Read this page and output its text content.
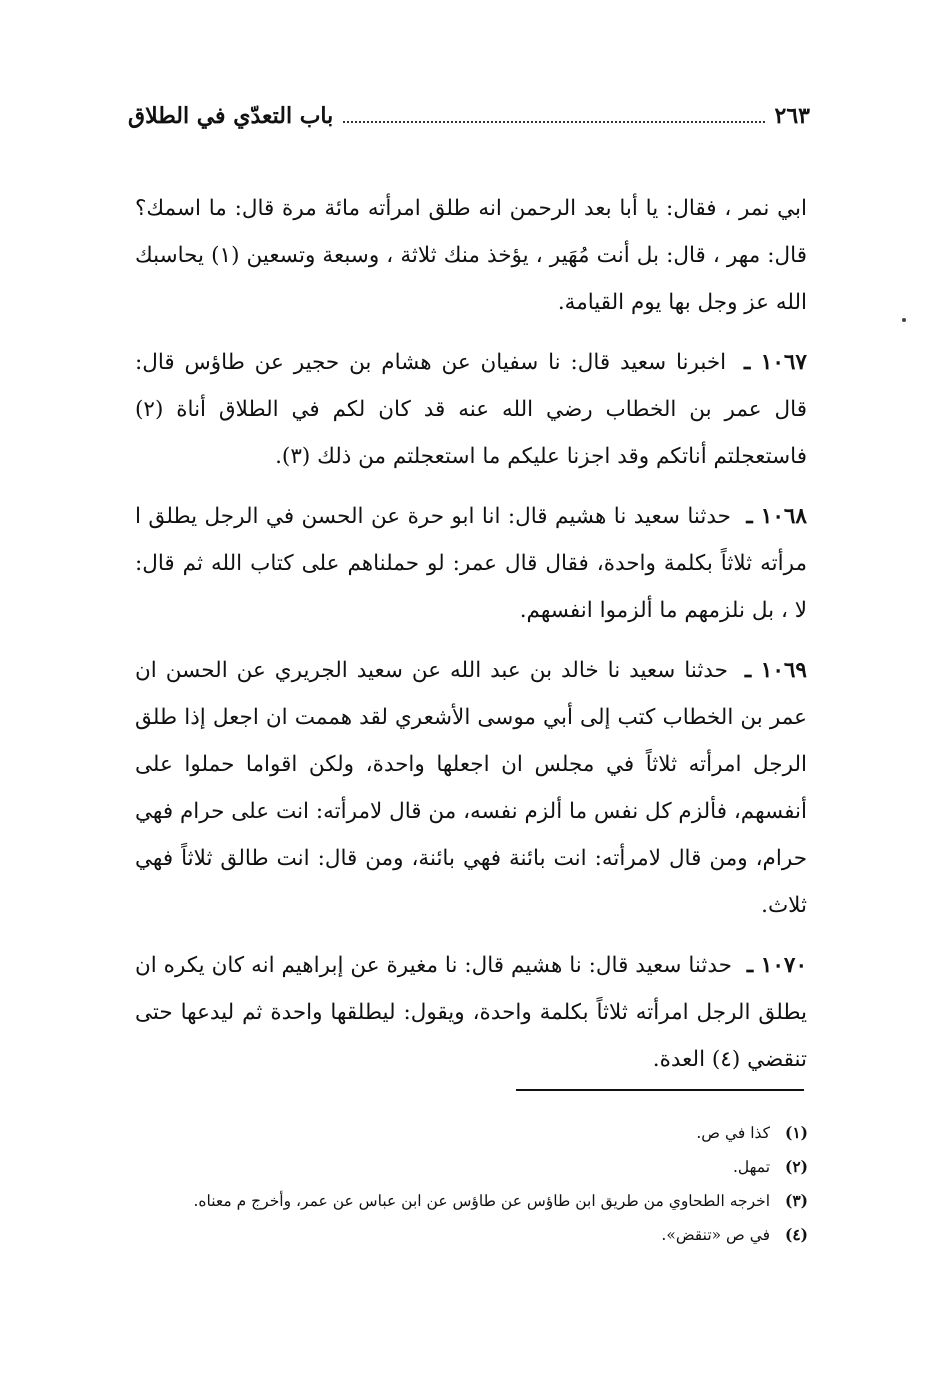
باب التعدّي في الطلاق	٢٦٣

ابي نمر ، فقال: يا أبا بعد الرحمن انه طلق امرأته مائة مرة قال: ما اسمك؟ قال: مهر ، قال: بل أنت مُهَير ، يؤخذ منك ثلاثة ، وسبعة وتسعين (١) يحاسبك الله عز وجل بها يوم القيامة.

١٠٦٧ ـ اخبرنا سعيد قال: نا سفيان عن هشام بن حجير عن طاؤس قال: قال عمر بن الخطاب رضي الله عنه قد كان لكم في الطلاق أناة (٢) فاستعجلتم أناتكم وقد اجزنا عليكم ما استعجلتم من ذلك (٣).

١٠٦٨ ـ حدثنا سعيد نا هشيم قال: انا ابو حرة عن الحسن في الرجل يطلق ا مرأته ثلاثاً بكلمة واحدة، فقال قال عمر: لو حملناهم على كتاب الله ثم قال: لا ، بل نلزمهم ما ألزموا انفسهم.

١٠٦٩ ـ حدثنا سعيد نا خالد بن عبد الله عن سعيد الجريري عن الحسن ان عمر بن الخطاب كتب إلى أبي موسى الأشعري لقد هممت ان اجعل إذا طلق الرجل امرأته ثلاثاً في مجلس ان اجعلها واحدة، ولكن اقواما حملوا على أنفسهم، فألزم كل نفس ما ألزم نفسه، من قال لامرأته: انت على حرام فهي حرام، ومن قال لامرأته: انت بائنة فهي بائنة، ومن قال: انت طالق ثلاثاً فهي ثلاث.

١٠٧٠ ـ حدثنا سعيد قال: نا هشيم قال: نا مغيرة عن إبراهيم انه كان يكره ان يطلق الرجل امرأته ثلاثاً بكلمة واحدة، ويقول: ليطلقها واحدة ثم ليدعها حتى تنقضي (٤) العدة.

(١) كذا في ص.

(٢) تمهل.

(٣) اخرجه الطحاوي من طريق ابن طاؤس عن طاؤس عن ابن عباس عن عمر، وأخرج م معناه.

(٤) في ص «تنقض».
